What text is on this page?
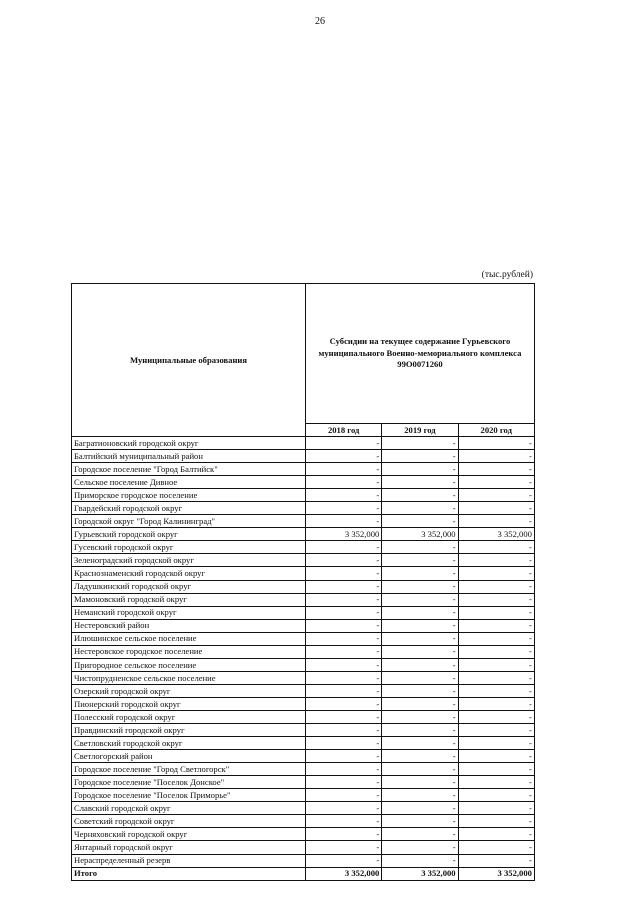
26
(тыс.рублей)
Муниципальные образования	Субсидии на текущее содержание Гурьевского муниципального Военно-мемориального комплекса 99О0071260		
	2018 год	2019 год	2020 год
Багратионовский городской округ	-	-	-
Балтийский муниципальный район	-	-	-
Городское поселение "Город Балтийск"	-	-	-
Сельское поселение Дивное	-	-	-
Приморское городское поселение	-	-	-
Гвардейский городской округ	-	-	-
Городской округ "Город Калининград"	-	-	-
Гурьевский городской округ	3 352,000	3 352,000	3 352,000
Гусевский городской округ	-	-	-
Зеленоградский городской округ	-	-	-
Краснознаменский городской округ	-	-	-
Ладушкинский городской округ	-	-	-
Мамоновский городской округ	-	-	-
Неманский городской округ	-	-	-
Нестеровский район	-	-	-
Илюшинское сельское поселение	-	-	-
Нестеровское городское поселение	-	-	-
Пригородное сельское поселение	-	-	-
Чистопрудненское сельское поселение	-	-	-
Озерский городской округ	-	-	-
Пионерский городской округ	-	-	-
Полесский городской округ	-	-	-
Правдинский городской округ	-	-	-
Светловский городской округ	-	-	-
Светлогорский район	-	-	-
Городское поселение "Город Светлогорск"	-	-	-
Городское поселение "Поселок Донское"	-	-	-
Городское поселение "Поселок Приморье"	-	-	-
Славский городской округ	-	-	-
Советский городской округ	-	-	-
Черняховский городской округ	-	-	-
Янтарный городской округ	-	-	-
Нераспределенный резерв	-	-	-
Итого	3 352,000	3 352,000	3 352,000
